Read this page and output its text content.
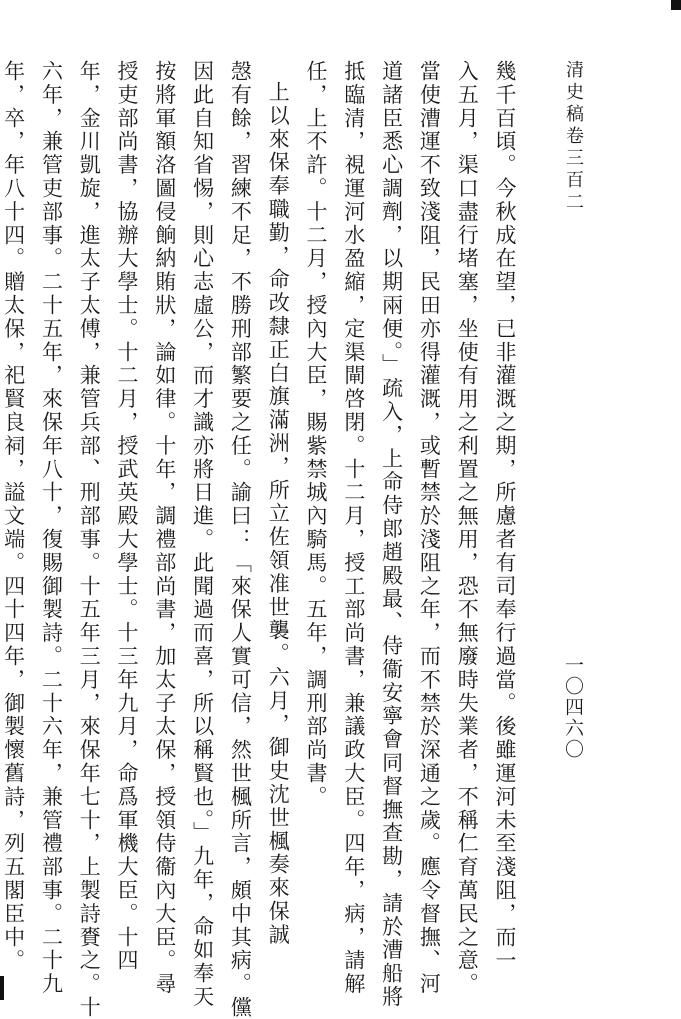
清史稿卷三百二
一〇四六〇
幾千百頃。今秋成在望，已非灌溉之期，所慮者有司奉行過當。後雖運河未至淺阻，而一
入五月，渠口盡行堵塞，坐使有用之利置之無用，恐不無廢時失業者，不稱仁育萬民之意。
當使漕運不致淺阻，民田亦得灌溉，或暫禁於淺阻之年，而不禁於深通之歲。應令督撫、河
道諸臣悉心調劑，以期兩便。」疏入，上命侍郎趙殿最、侍衞安寧會同督撫查勘，請於漕船將
抵臨清，視運河水盈縮，定渠閘啓閉。十二月，授工部尚書，兼議政大臣。四年，病，請解
任，上不許。十二月，授內大臣，賜紫禁城內騎馬。五年，調刑部尚書。
上以來保奉職勤，命改隸正白旗滿洲，所立佐領准世襲。六月，御史沈世楓奏來保誠
愨有餘，習練不足，不勝刑部繁要之任。諭曰：「來保人實可信，然世楓所言，頗中其病。儻
因此自知省惕，則心志虛公，而才識亦將日進。此聞過而喜，所以稱賢也。」九年，命如奉天
按將軍額洛圖侵餉納賄狀，論如律。十年，調禮部尚書，加太子太保，授領侍衞內大臣。尋
授吏部尚書，協辦大學士。十二月，授武英殿大學士。十三年九月，命爲軍機大臣。十四
年，金川凱旋，進太子太傅，兼管兵部、刑部事。十五年三月，來保年七十，上製詩賚之。十
六年，兼管吏部事。二十五年，來保年八十，復賜御製詩。二十六年，兼管禮部事。二十九
年，卒，年八十四。贈太保，祀賢良祠，謚文端。四十四年，御製懷舊詩，列五閣臣中。
